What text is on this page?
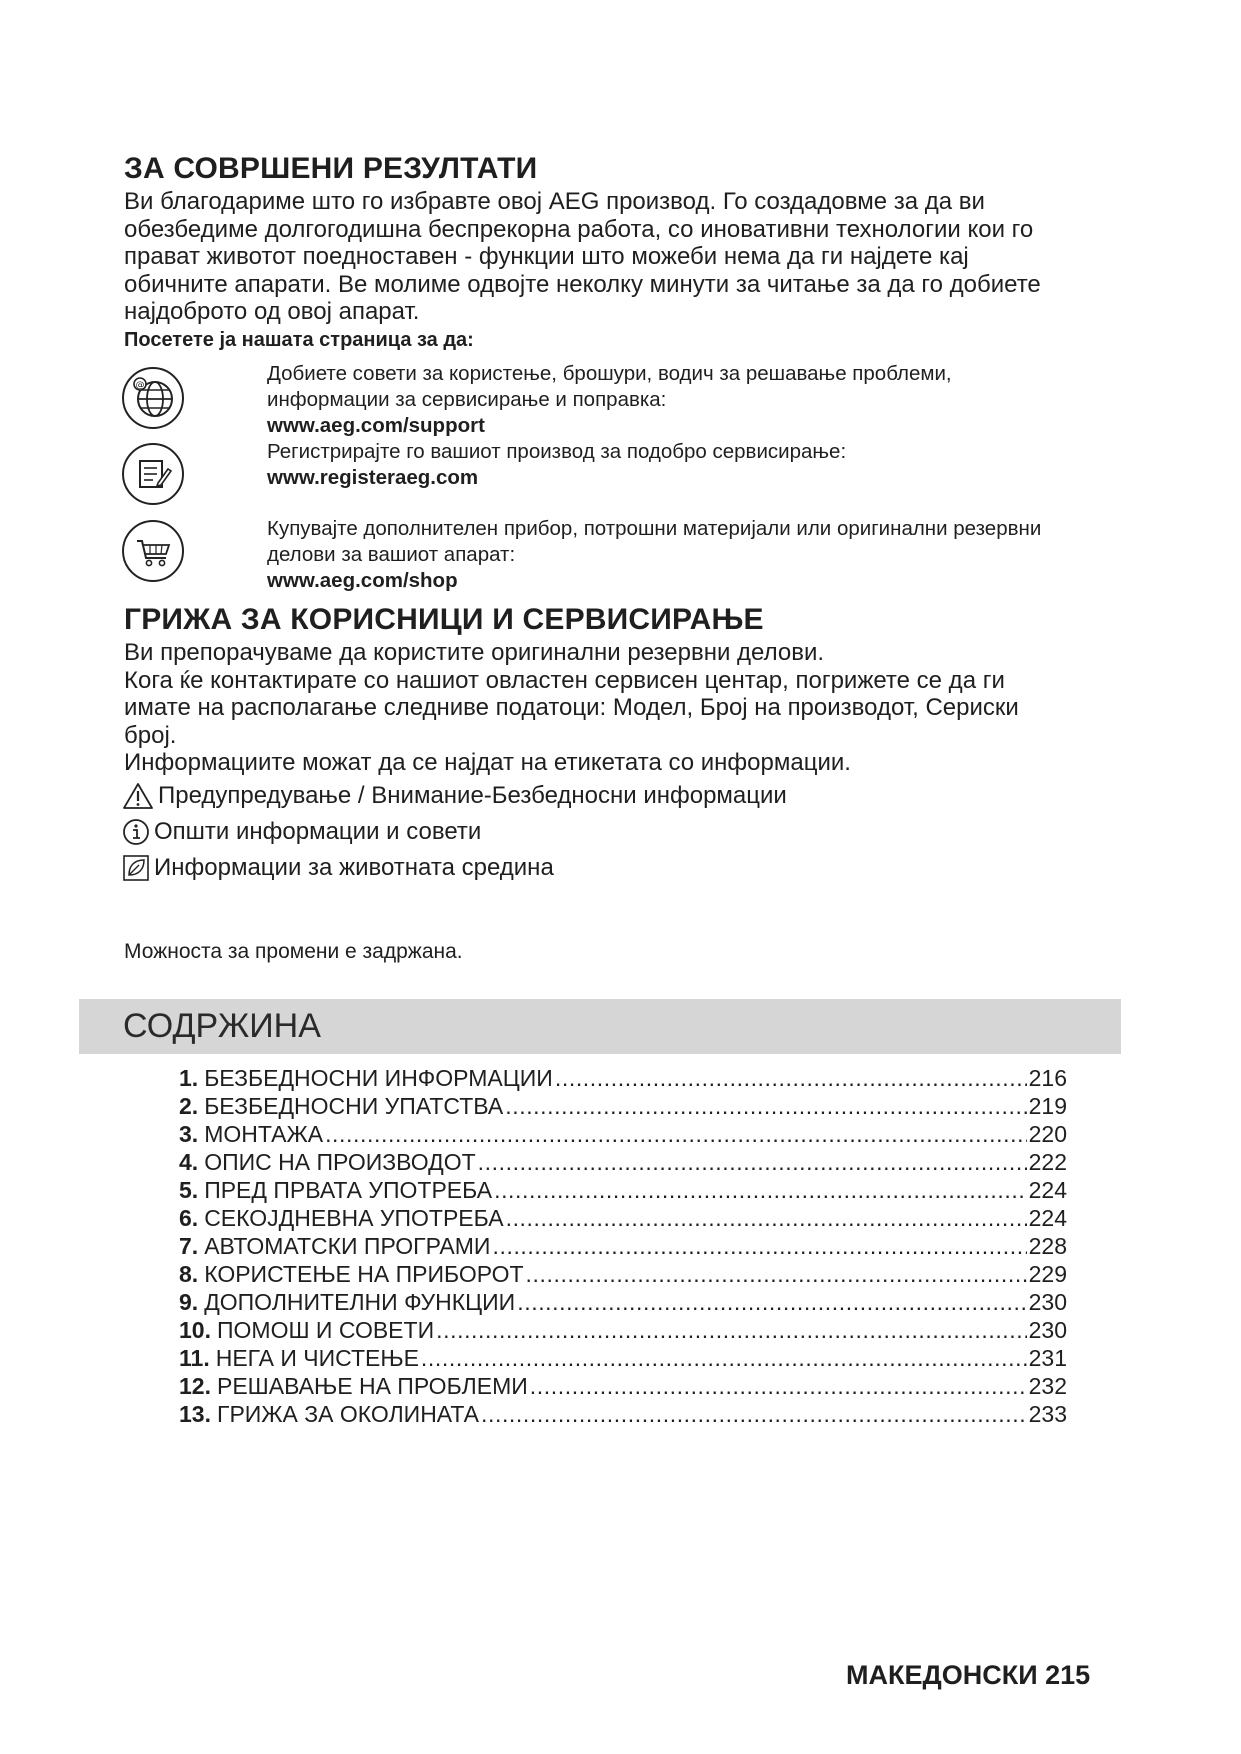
ЗА СОВРШЕНИ РЕЗУЛТАТИ
Ви благодариме што го избравте овој AEG производ. Го создадовме за да ви
обезбедиме долгогодишна беспрекорна работа, со иновативни технологии кои го
прават животот поедноставен - функции што можеби нема да ги најдете кај
обичните апарати. Ве молиме одвојте неколку минути за читање за да го добиете
најдоброто од овој апарат.
Посетете ја нашата страница за да:
@
Добиете совети за користење, брошури, водич за решавање проблеми,
информации за сервисирање и поправка:
www.aeg.com/support
Регистрирајте го вашиот производ за подобро сервисирање:
www.registeraeg.com
Купувајте дополнителен прибор, потрошни материјали или оригинални резервни
делови за вашиот апарат:
www.aeg.com/shop
ГРИЖА ЗА КОРИСНИЦИ И СЕРВИСИРАЊЕ
Ви препорачуваме да користите оригинални резервни делови.
Кога ќе контактирате со нашиот овластен сервисен центар, погрижете се да ги
имате на располагање следниве податоци: Модел, Број на производот, Сериски
број.
Информациите можат да се најдат на етикетата со информации.
Предупредување / Внимание-Безбедносни информации
Општи информации и совети
Информации за животната средина
Можноста за промени е задржана.
СОДРЖИНА
1. БЕЗБЕДНОСНИ ИНФОРМАЦИИ .....	216
2. БЕЗБЕДНОСНИ УПАТСТВА .....	219
3. МОНТАЖА .....	220
4. ОПИС НА ПРОИЗВОДОТ .....	222
5. ПРЕД ПРВАТА УПОТРЕБА .....	224
6. СЕКОЈДНЕВНА УПОТРЕБА .....	224
7. АВТОМАТСКИ ПРОГРАМИ .....	228
8. КОРИСТЕЊЕ НА ПРИБОРОТ .....	229
9. ДОПОЛНИТЕЛНИ ФУНКЦИИ .....	230
10. ПОМОШ И СОВЕТИ .....	230
11. НЕГА И ЧИСТЕЊЕ .....	231
12. РЕШАВАЊЕ НА ПРОБЛЕМИ .....	232
13. ГРИЖА ЗА ОКОЛИНАТА .....	233
МАКЕДОНСКИ 215
